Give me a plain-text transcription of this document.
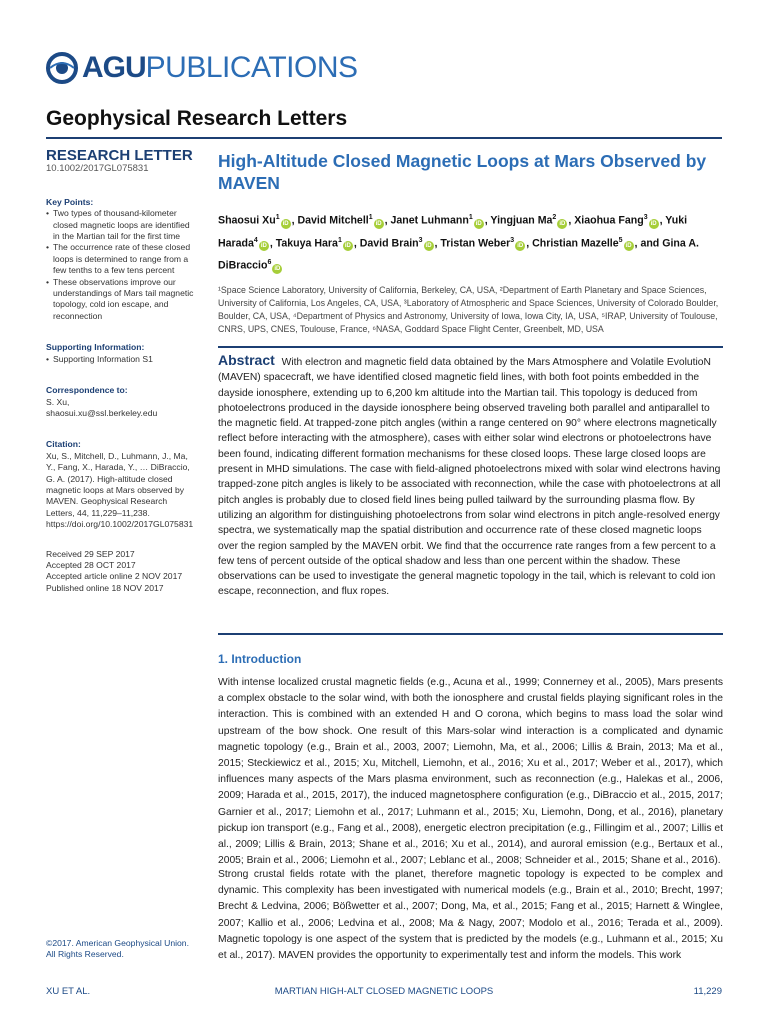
AGU PUBLICATIONS
Geophysical Research Letters

RESEARCH LETTER

10.1002/2017GL075831
Key Points:
• Two types of thousand-kilometer closed magnetic loops are identified in the Martian tail for the first time
• The occurrence rate of these closed loops is determined to range from a few tenths to a few tens percent
• These observations improve our understandings of Mars tail magnetic topology, cold ion escape, and reconnection
Supporting Information:
• Supporting Information S1
Correspondence to:
S. Xu,
shaosui.xu@ssl.berkeley.edu
Citation:
Xu, S., Mitchell, D., Luhmann, J., Ma, Y., Fang, X., Harada, Y., … DiBraccio, G. A. (2017). High-altitude closed magnetic loops at Mars observed by MAVEN. Geophysical Research Letters, 44, 11,229–11,238. https://doi.org/10.1002/2017GL075831
Received 29 SEP 2017
Accepted 28 OCT 2017
Accepted article online 2 NOV 2017
Published online 18 NOV 2017
©2017. American Geophysical Union.
All Rights Reserved.
High-Altitude Closed Magnetic Loops at Mars Observed by MAVEN
Shaosui Xu$^1$iD , David Mitchell$^1$iD , Janet Luhmann$^1$iD , Yingjuan Ma$^2$iD , Xiaohua Fang$^3$iD , Yuki Harada$^4$iD , Takuya Hara$^1$iD , David Brain$^3$iD , Tristan Weber$^3$iD , Christian Mazelle$^5$iD , and Gina A. DiBraccio$^6$iD
¹Space Science Laboratory, University of California, Berkeley, CA, USA, ²Department of Earth Planetary and Space Sciences, University of California, Los Angeles, CA, USA, ³Laboratory of Atmospheric and Space Sciences, University of Colorado Boulder, Boulder, CA, USA, ⁴Department of Physics and Astronomy, University of Iowa, Iowa City, IA, USA, ⁵IRAP, University of Toulouse, CNRS, UPS, CNES, Toulouse, France, ⁶NASA, Goddard Space Flight Center, Greenbelt, MD, USA
Abstract With electron and magnetic field data obtained by the Mars Atmosphere and Volatile EvolutioN (MAVEN) spacecraft, we have identified closed magnetic field lines, with both foot points embedded in the dayside ionosphere, extending up to 6,200 km altitude into the Martian tail. This topology is deduced from photoelectrons produced in the dayside ionosphere being observed traveling both parallel and antiparallel to the magnetic field. At trapped-zone pitch angles (within a range centered on 90° where electrons magnetically reflect before interacting with the atmosphere), cases with either solar wind electrons or photoelectrons have been found, indicating different formation mechanisms for these closed loops. These large closed loops are present in MHD simulations. The case with field-aligned photoelectrons mixed with solar wind electrons having trapped-zone pitch angles is likely to be associated with reconnection, while the case with photoelectrons at all pitch angles is probably due to closed field lines being pulled tailward by the surrounding plasma flow. By utilizing an algorithm for distinguishing photoelectrons from solar wind electrons in pitch angle-resolved energy spectra, we systematically map the spatial distribution and occurrence rate of these closed magnetic loops over the region sampled by the MAVEN orbit. We find that the occurrence rate ranges from a few percent to a few tens of percent outside of the optical shadow and less than one percent within the shadow. These observations can be used to investigate the general magnetic topology in the tail, which is relevant to cold ion escape, reconnection, and flux ropes.
1. Introduction
With intense localized crustal magnetic fields (e.g., Acuna et al., 1999; Connerney et al., 2005), Mars presents a complex obstacle to the solar wind, with both the ionosphere and crustal fields playing significant roles in the interaction. This is combined with an extended H and O corona, which begins to mass load the solar wind upstream of the bow shock. One result of this Mars-solar wind interaction is a complicated and dynamic magnetic topology (e.g., Brain et al., 2003, 2007; Liemohn, Ma, et al., 2006; Lillis & Brain, 2013; Ma et al., 2015; Steckiewicz et al., 2015; Xu, Mitchell, Liemohn, et al., 2016; Xu et al., 2017; Weber et al., 2017), which influences many aspects of the Mars plasma environment, such as reconnection (e.g., Halekas et al., 2006, 2009; Harada et al., 2015, 2017), the induced magnetosphere configuration (e.g., DiBraccio et al., 2015, 2017; Garnier et al., 2017; Liemohn et al., 2017; Luhmann et al., 2015; Xu, Liemohn, Dong, et al., 2016), planetary pickup ion transport (e.g., Fang et al., 2008), energetic electron precipitation (e.g., Fillingim et al., 2007; Lillis et al., 2009; Lillis & Brain, 2013; Shane et al., 2016; Xu et al., 2014), and auroral emission (e.g., Bertaux et al., 2005; Brain et al., 2006; Liemohn et al., 2007; Leblanc et al., 2008; Schneider et al., 2015; Shane et al., 2016).
Strong crustal fields rotate with the planet, therefore magnetic topology is expected to be complex and dynamic. This complexity has been investigated with numerical models (e.g., Brain et al., 2010; Brecht, 1997; Brecht & Ledvina, 2006; Bößwetter et al., 2007; Dong, Ma, et al., 2015; Fang et al., 2015; Harnett & Winglee, 2007; Kallio et al., 2006; Ledvina et al., 2008; Ma & Nagy, 2007; Modolo et al., 2016; Terada et al., 2009). Magnetic topology is one aspect of the system that is predicted by the models (e.g., Luhmann et al., 2015; Xu et al., 2017). MAVEN provides the opportunity to experimentally test and inform the models. This work
XU ET AL.	MARTIAN HIGH-ALT CLOSED MAGNETIC LOOPS	11,229
